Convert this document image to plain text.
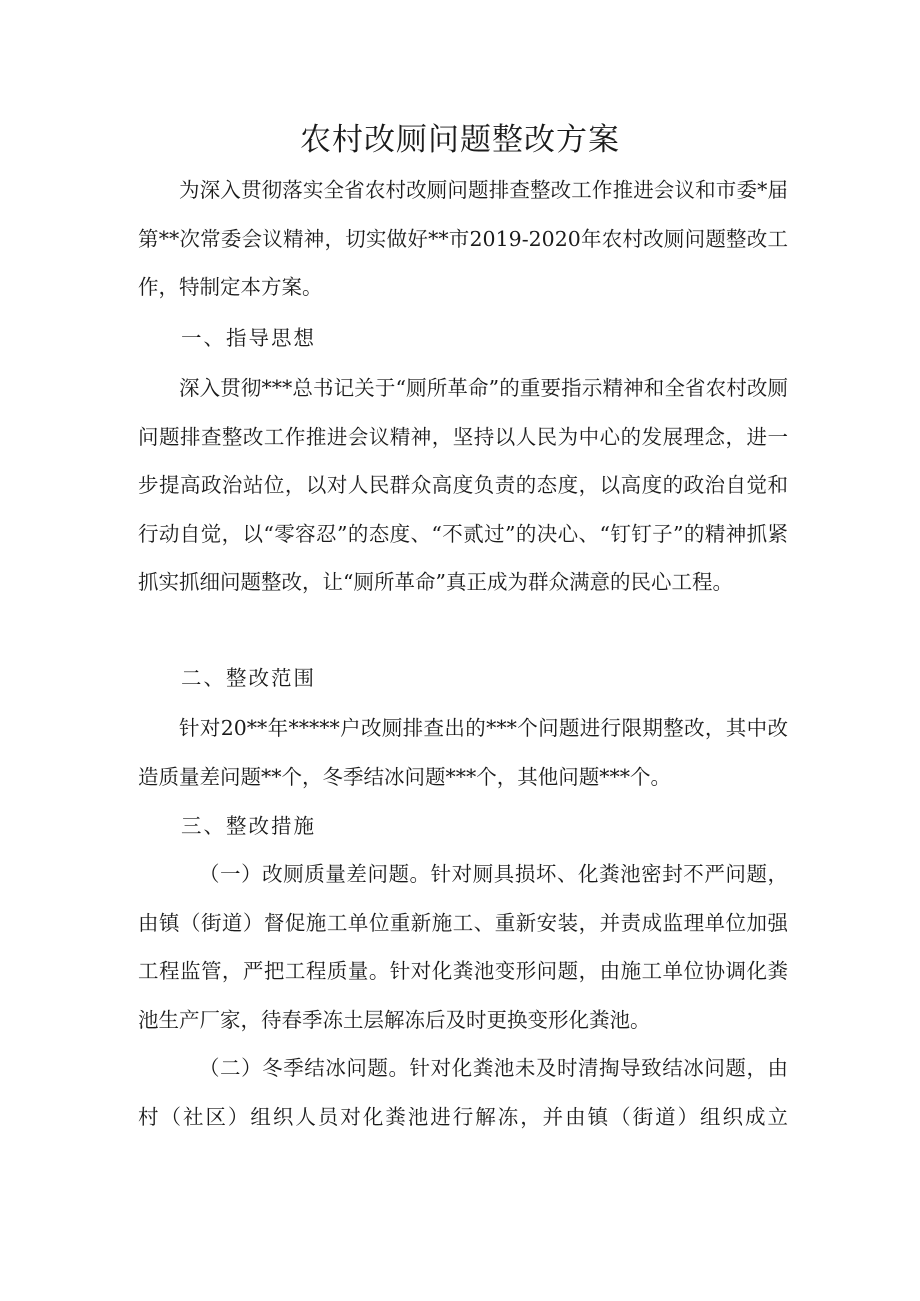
农村改厕问题整改方案
为深入贯彻落实全省农村改厕问题排查整改工作推进会议和市委*届第**次常委会议精神，切实做好**市2019-2020年农村改厕问题整改工作，特制定本方案。
一、指导思想
深入贯彻***总书记关于“厕所革命”的重要指示精神和全省农村改厕问题排查整改工作推进会议精神，坚持以人民为中心的发展理念，进一步提高政治站位，以对人民群众高度负责的态度，以高度的政治自觉和行动自觉，以“零容忍”的态度、“不贰过”的决心、“钉钉子”的精神抓紧抓实抓细问题整改，让“厕所革命”真正成为群众满意的民心工程。
二、整改范围
针对20**年*****户改厕排查出的***个问题进行限期整改，其中改造质量差问题**个，冬季结冰问题***个，其他问题***个。
三、整改措施
（一）改厕质量差问题。针对厕具损坏、化粪池密封不严问题，由镇（街道）督促施工单位重新施工、重新安装，并责成监理单位加强工程监管，严把工程质量。针对化粪池变形问题，由施工单位协调化粪池生产厂家，待春季冻土层解冻后及时更换变形化粪池。
（二）冬季结冰问题。针对化粪池未及时清掏导致结冰问题，由村（社区）组织人员对化粪池进行解冻，并由镇（街道）组织成立
